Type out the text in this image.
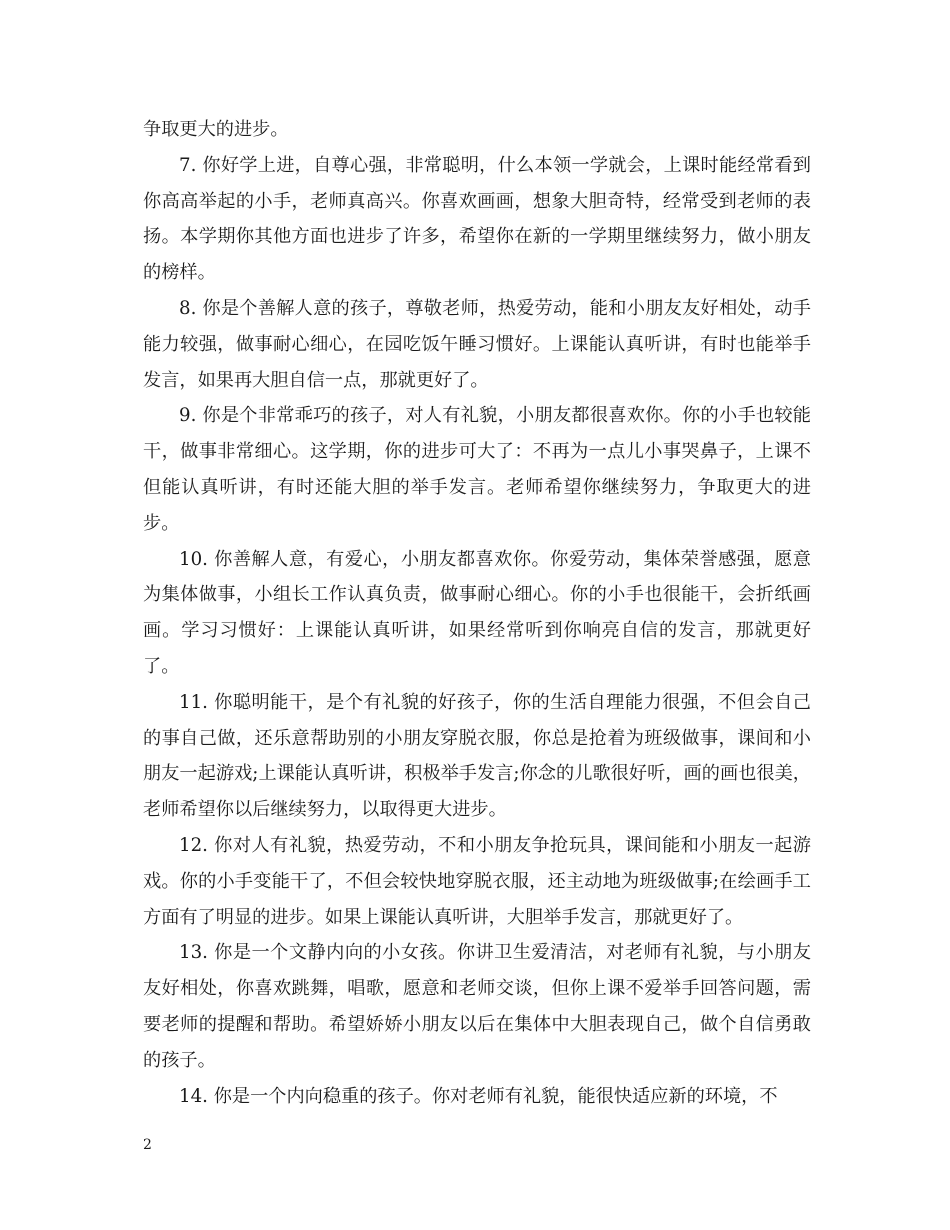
争取更大的进步。

7. 你好学上进，自尊心强，非常聪明，什么本领一学就会，上课时能经常看到你高高举起的小手，老师真高兴。你喜欢画画，想象大胆奇特，经常受到老师的表扬。本学期你其他方面也进步了许多，希望你在新的一学期里继续努力，做小朋友的榜样。

8. 你是个善解人意的孩子，尊敬老师，热爱劳动，能和小朋友友好相处，动手能力较强，做事耐心细心，在园吃饭午睡习惯好。上课能认真听讲，有时也能举手发言，如果再大胆自信一点，那就更好了。

9. 你是个非常乖巧的孩子，对人有礼貌，小朋友都很喜欢你。你的小手也较能干，做事非常细心。这学期，你的进步可大了：不再为一点儿小事哭鼻子，上课不但能认真听讲，有时还能大胆的举手发言。老师希望你继续努力，争取更大的进步。

10. 你善解人意，有爱心，小朋友都喜欢你。你爱劳动，集体荣誉感强，愿意为集体做事，小组长工作认真负责，做事耐心细心。你的小手也很能干，会折纸画画。学习习惯好：上课能认真听讲，如果经常听到你响亮自信的发言，那就更好了。

11. 你聪明能干，是个有礼貌的好孩子，你的生活自理能力很强，不但会自己的事自己做，还乐意帮助别的小朋友穿脱衣服，你总是抢着为班级做事，课间和小朋友一起游戏;上课能认真听讲，积极举手发言;你念的儿歌很好听，画的画也很美，老师希望你以后继续努力，以取得更大进步。

12. 你对人有礼貌，热爱劳动，不和小朋友争抢玩具，课间能和小朋友一起游戏。你的小手变能干了，不但会较快地穿脱衣服，还主动地为班级做事;在绘画手工方面有了明显的进步。如果上课能认真听讲，大胆举手发言，那就更好了。

13. 你是一个文静内向的小女孩。你讲卫生爱清洁，对老师有礼貌，与小朋友友好相处，你喜欢跳舞，唱歌，愿意和老师交谈，但你上课不爱举手回答问题，需要老师的提醒和帮助。希望娇娇小朋友以后在集体中大胆表现自己，做个自信勇敢的孩子。

14. 你是一个内向稳重的孩子。你对老师有礼貌，能很快适应新的环境，不

2
